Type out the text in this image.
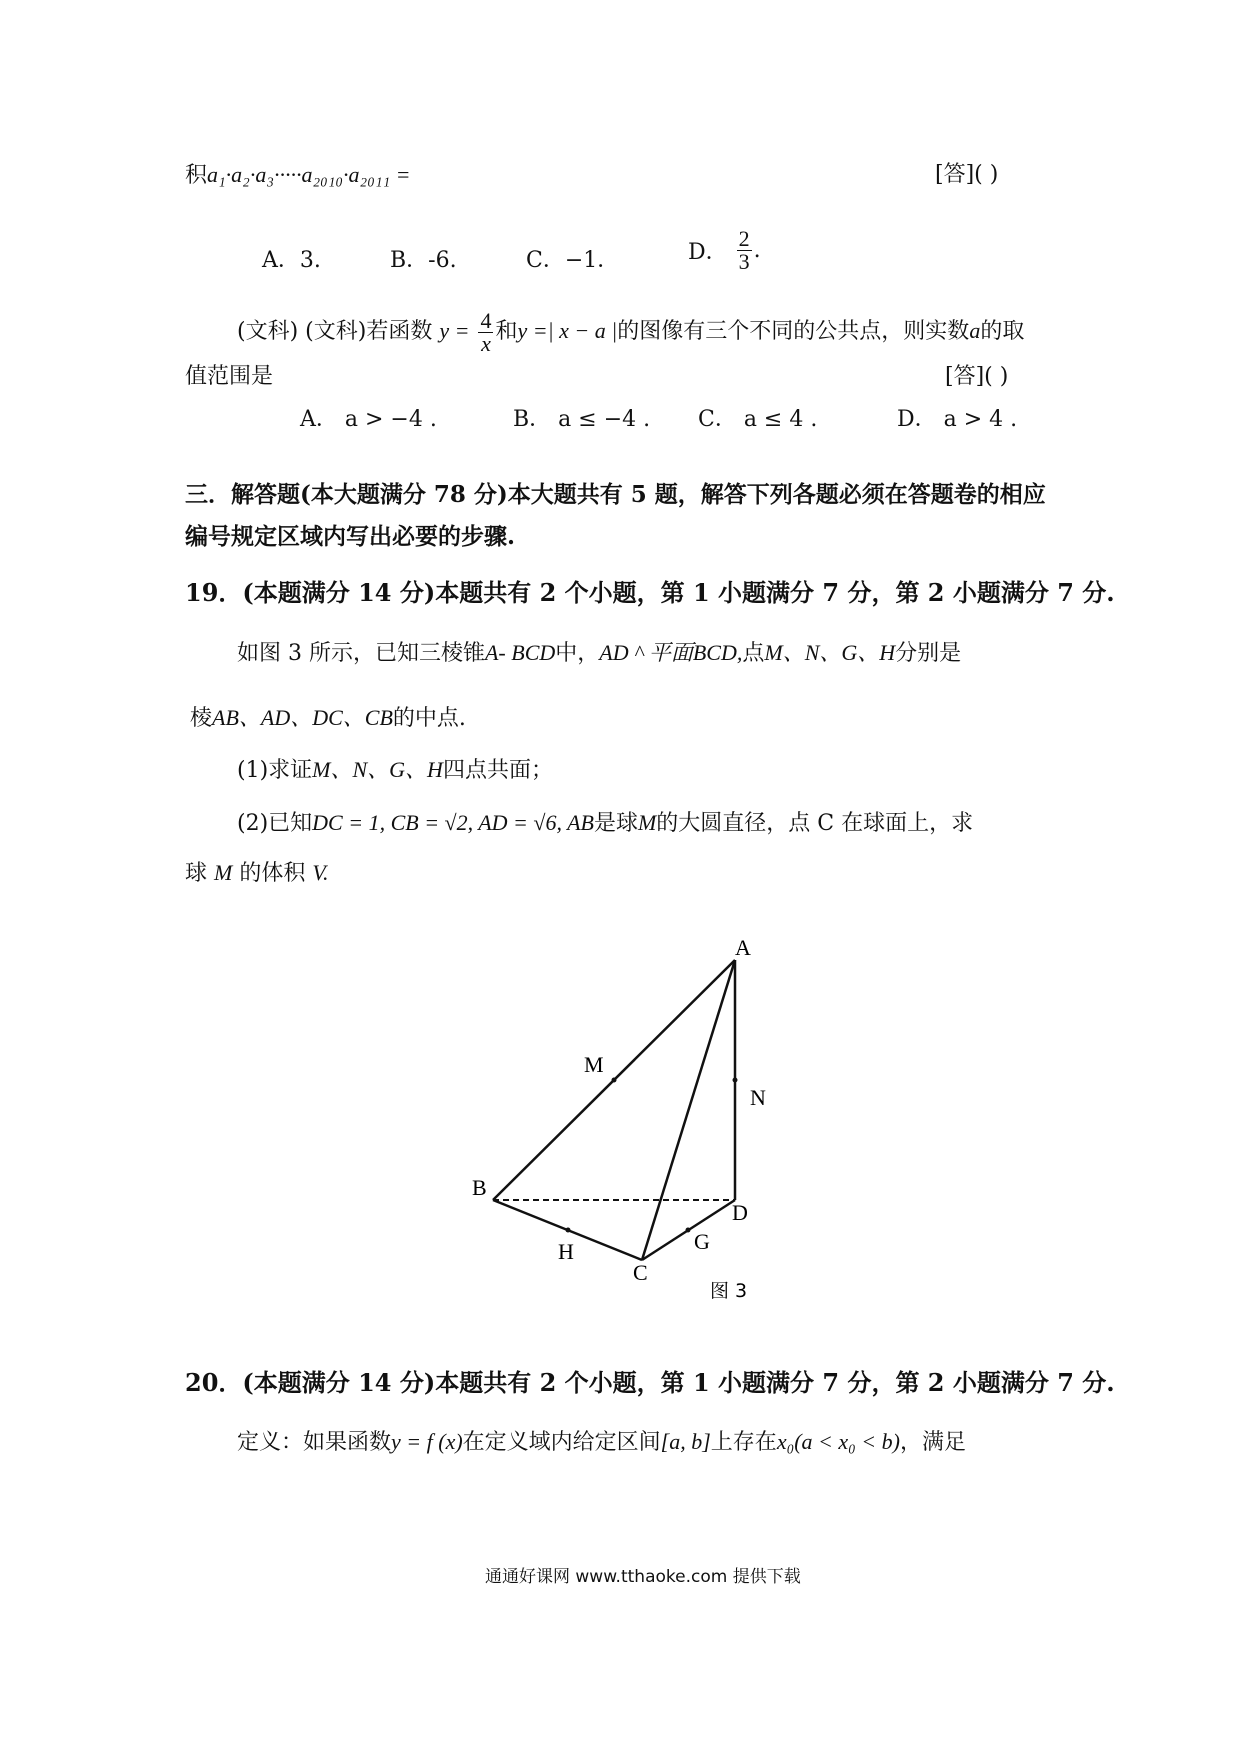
积a₁·a₂·a₃·····a₂₀₁₀·a₂₀₁₁ =	[答]( )
A．3.	B．-6.	C．−1．	D． $\frac{2}{3}$ .
(文科) (文科)若函数 $y = \frac{4}{x}$ 和y =| x − a |的图像有三个不同的公共点，则实数a的取
值范围是	[答]( )
A． a > −4 .	B． a ≤ −4 . C． a ≤ 4 .	D． a > 4 .
三．解答题(本大题满分 78 分)本大题共有 5 题，解答下列各题必须在答题卷的相应
编号规定区域内写出必要的步骤.
19．(本题满分 14 分)本题共有 2 个小题，第 1 小题满分 7 分，第 2 小题满分 7 分.
如图 3 所示，已知三棱锥A- BCD中，AD ^ 平面BCD,点M、N、G、H分别是
棱AB、AD、DC、CB的中点.
(1)求证M、N、G、H四点共面；
(2)已知DC = 1, CB = √2, AD = √6, AB是球M的大圆直径，点 C 在球面上，求
球 M 的体积 V.
A
M
N
B
D
G
H
C
图 3
20．(本题满分 14 分)本题共有 2 个小题，第 1 小题满分 7 分，第 2 小题满分 7 分.
定义：如果函数y = f (x)在定义域内给定区间[a, b]上存在x₀(a < x₀ < b)，满足
通通好课网 www.tthaoke.com 提供下载
